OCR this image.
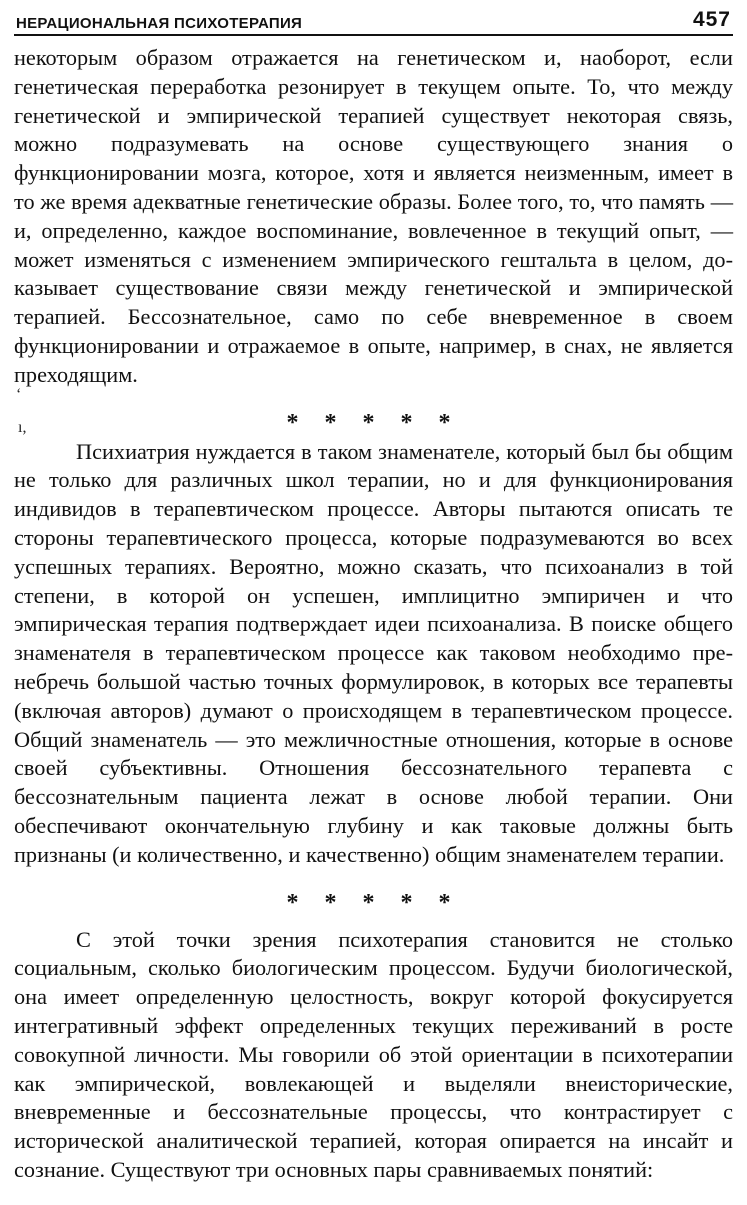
НЕРАЦИОНАЛЬНАЯ ПСИХОТЕРАПИЯ	457

некоторым образом отражается на генетическом и, наоборот, если генетическая переработка резонирует в текущем опыте. То, что между генетической и эмпирической терапией существует некоторая связь, можно подразумевать на основе существующего знания о функционировании мозга, которое, хотя и является неизменным, имеет в то же время адекватные генетические образы. Более того, то, что память — и, определенно, каждое воспоминание, вовлеченное в текущий опыт, — может изменяться с изменением эмпирического гештальта в целом, доказывает существование связи между генетической и эмпирической терапией. Бессознательное, само по себе вневременное в своем функционировании и отражаемое в опыте, например, в снах, не является преходящим.

‘
ı,	* * * * *

Психиатрия нуждается в таком знаменателе, который был бы общим не только для различных школ терапии, но и для функционирования индивидов в терапевтическом процессе. Авторы пытаются описать те стороны терапевтического процесса, которые подразумеваются во всех успешных терапиях. Вероятно, можно сказать, что психоанализ в той степени, в которой он успешен, имплицитно эмпиричен и что эмпирическая терапия подтверждает идеи психоанализа. В поиске общего знаменателя в терапевтическом процессе как таковом необходимо пренебречь большой частью точных формулировок, в которых все терапевты (включая авторов) думают о происходящем в терапевтическом процессе. Общий знаменатель — это межличностные отношения, которые в основе своей субъективны. Отношения бессознательного терапевта с бессознательным пациента лежат в основе любой терапии. Они обеспечивают окончательную глубину и как таковые должны быть признаны (и количественно, и качественно) общим знаменателем терапии.

* * * * *

С этой точки зрения психотерапия становится не столько социальным, сколько биологическим процессом. Будучи биологической, она имеет определенную целостность, вокруг которой фокусируется интегративный эффект определенных текущих переживаний в росте совокупной личности. Мы говорили об этой ориентации в психотерапии как эмпирической, вовлекающей и выделяли внеисторические, вневременные и бессознательные процессы, что контрастирует с исторической аналитической терапией, которая опирается на инсайт и сознание. Существуют три основных пары сравниваемых понятий:
